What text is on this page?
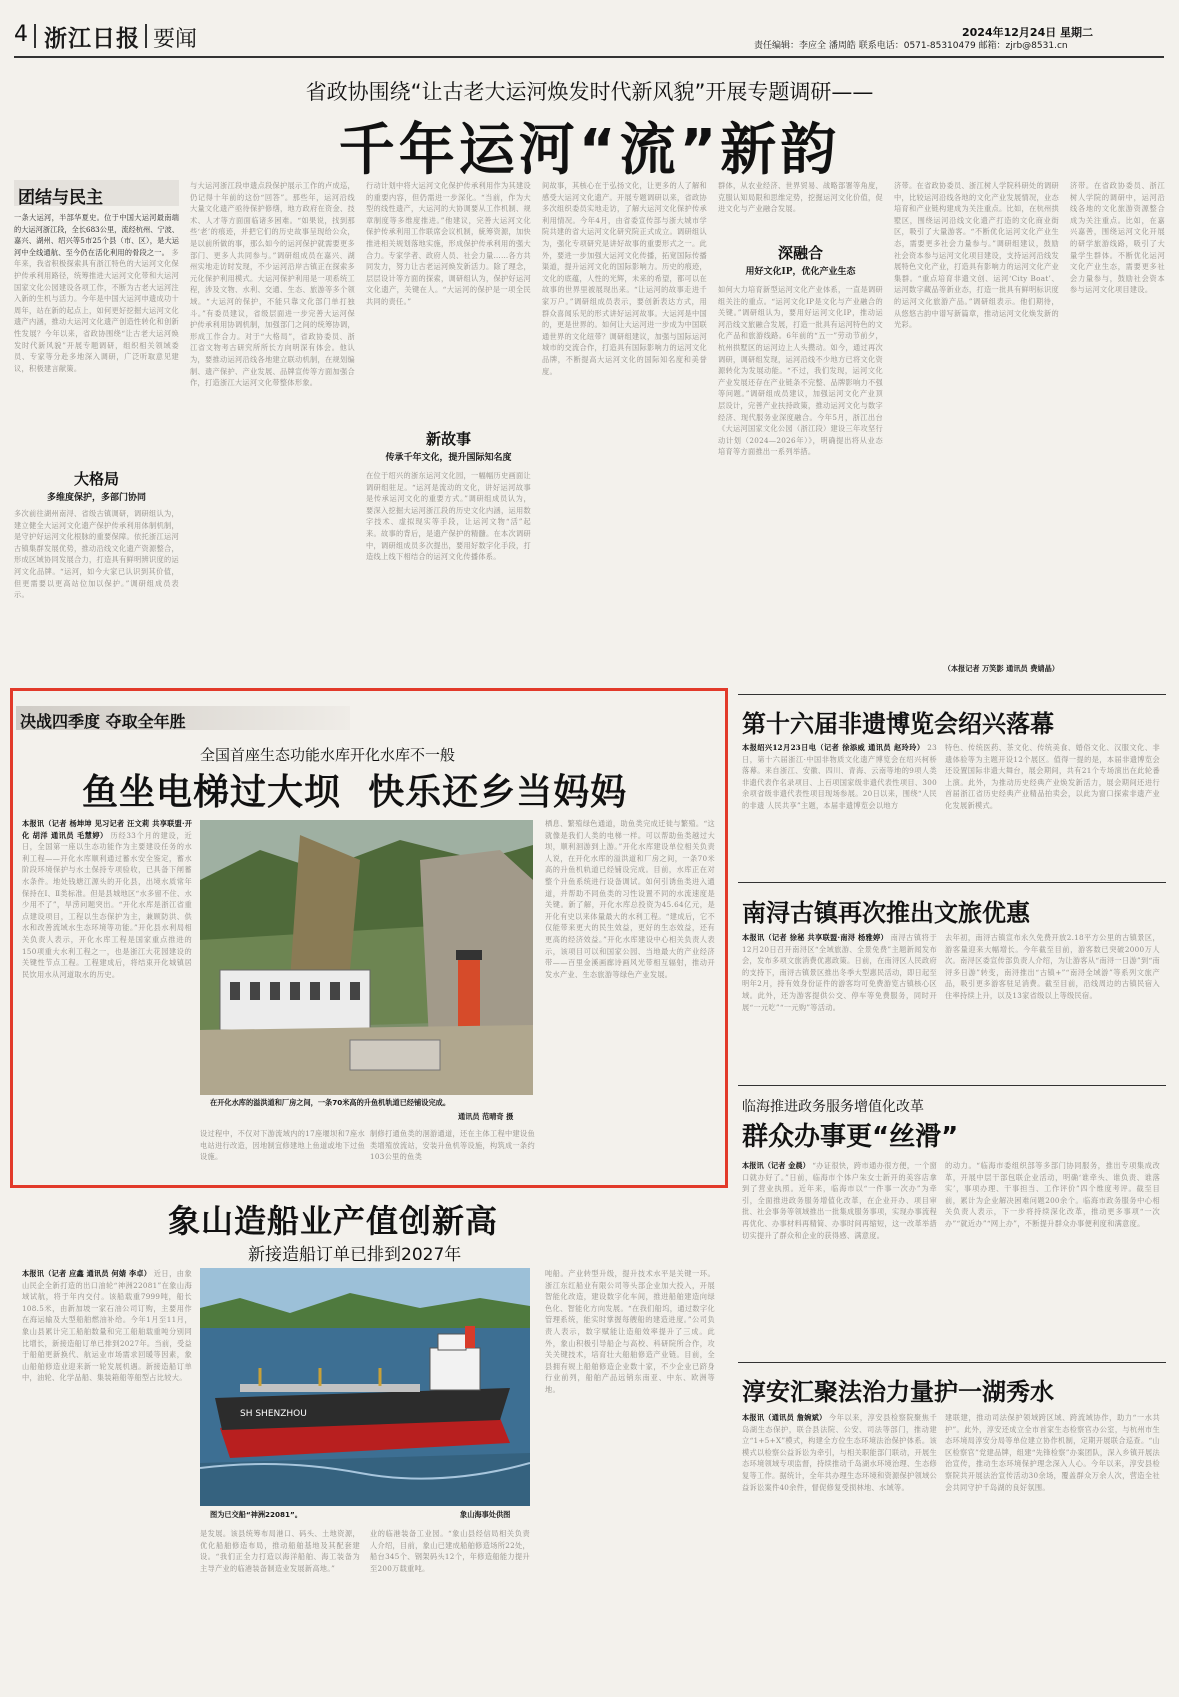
4 浙江日报 要闻	2024年12月24日 星期二
责任编辑：李应全 潘周皓 联系电话：0571-85310479 邮箱：zjrb@8531.cn
省政协围绕“让古老大运河焕发时代新风貌”开展专题调研——
千年运河“流”新韵
团结与民主
一条大运河，半部华夏史。位于中国大运河最南端的大运河浙江段，全长683公里，流经杭州、宁波、嘉兴、湖州、绍兴等5市25个县（市、区），是大运河中全线通航、至今仍在活化利用的骨段之一。 多年来，我省积极探索具有浙江特色的大运河文化保护传承利用路径，统筹推进大运河文化带和大运河国家文化公园建设各项工作，不断为古老大运河注入新的生机与活力。今年是中国大运河申遗成功十周年，站在新的起点上，如何更好挖掘大运河文化遗产内涵，推动大运河文化遗产创造性转化和创新性发展？今年以来，省政协围绕“让古老大运河焕发时代新风貌”开展专题调研，组织相关领域委员、专家等分赴多地深入调研，广泛听取意见建议，积极建言献策。
大格局
多维度保护，多部门协同
多次前往湖州南浔、省级古镇调研，调研组认为，建立健全大运河文化遗产保护传承利用体制机制，是守护好运河文化根脉的重要保障。依托浙江运河古镇集群发展优势，推动沿线文化遗产资源整合，形成区域协同发展合力，打造具有鲜明辨识度的运河文化品牌。“运河，如今大家已认识到其价值，但更需要以更高站位加以保护。”调研组成员表示。
与大运河浙江段申遗点段保护展示工作的卢成巡，仍记得十年前的这份“回答”。那些年，运河沿线大量文化遗产亟待保护修缮，地方政府在资金、技术、人才等方面面临诸多困难。“如果说，找到那些‘老’的痕迹，并把它们的历史故事呈现给公众，是以前所做的事，那么如今的运河保护就需要更多部门、更多人共同参与。”调研组成员在嘉兴、湖州实地走访时发现，不少运河沿岸古镇正在探索多元化保护利用模式。大运河保护利用是一项系统工程，涉及文物、水利、交通、生态、旅游等多个领域。“大运河的保护，不能只靠文化部门单打独斗。”有委员建议，省级层面进一步完善大运河保护传承利用协调机制，加强部门之间的统筹协调，形成工作合力。对于“大格局”，省政协委员、浙江省文物考古研究所所长方向明深有体会。他认为，要推动运河沿线各地建立联动机制，在规划编制、遗产保护、产业发展、品牌宣传等方面加强合作，打造浙江大运河文化带整体形象。
行动计划中将大运河文化保护传承利用作为其建设的重要内容，但仍需进一步深化。“当前，作为大型的线性遗产，大运河的大协调要从工作机制、规章制度等多维度推进。”他建议，完善大运河文化保护传承利用工作联席会议机制，統筹资源，加快推进相关规划落地实施，形成保护传承利用的强大合力。专家学者、政府人员、社会力量……各方共同发力，努力让古老运河焕发新活力。除了理念，层层设计等方面的探索，调研组认为，保护好运河文化遗产，关键在人。“大运河的保护是一项全民共同的责任。”
新故事
传承千年文化，提升国际知名度
在位于绍兴的浙东运河文化园，一幅幅历史画面让调研组驻足。“运河是流动的文化，讲好运河故事是传承运河文化的重要方式。”调研组成员认为，要深入挖掘大运河浙江段的历史文化内涵，运用数字技术、虚拟现实等手段，让运河文物“活”起来。故事的背后，是遗产保护的精髓。在本次调研中，调研组成员多次提出，要用好数字化手段，打造线上线下相结合的运河文化传播体系。
间故事，其核心在于弘扬文化，让更多的人了解和感受大运河文化遗产。开展专题调研以来，省政协多次组织委员实地走访，了解大运河文化保护传承利用情况。今年4月，由省委宣传部与浙大城市学院共建的省大运河文化研究院正式成立。调研组认为，强化专项研究是讲好故事的重要形式之一。此外，要进一步加强大运河文化传播，拓宽国际传播渠道，提升运河文化的国际影响力。历史的痕迹，文化的底蕴，人性的光辉，未来的希望，都可以在故事的世界里被展现出来。“让运河的故事走进千家万户。”调研组成员表示，要创新表达方式，用群众喜闻乐见的形式讲好运河故事。大运河是中国的，更是世界的。如何让大运河进一步成为中国联通世界的文化纽带？调研组建议，加强与国际运河城市的交流合作，打造具有国际影响力的运河文化品牌，不断提高大运河文化的国际知名度和美誉度。
群体，从农业经济、世界贸易、战略部署等角度，克服认知局限和思维定势，挖掘运河文化价值，促进文化与产业融合发展。
深融合
用好文化IP，优化产业生态
如何大力培育新型运河文化产业体系，一直是调研组关注的重点。“运河文化IP是文化与产业融合的关键。”调研组认为，要用好运河文化IP，推动运河沿线文旅融合发展，打造一批具有运河特色的文化产品和旅游线路。6年前的“五一”劳动节前夕，杭州拱墅区的运河边上人头攒动。如今，通过再次调研，调研组发现，运河沿线不少地方已将文化资源转化为发展动能。“不过，我们发现，运河文化产业发展还存在产业链条不完整、品牌影响力不强等问题。”调研组成员建议，加强运河文化产业顶层设计，完善产业扶持政策，推动运河文化与数字经济、现代服务业深度融合。今年5月，浙江出台《大运河国家文化公园（浙江段）建设三年攻坚行动计划（2024—2026年）》，明确提出将从业态培育等方面推出一系列举措。
济带。在省政协委员、浙江树人学院科研处的调研中，比较运河沿线各地的文化产业发展情况，业态培育和产业链构建成为关注重点。比如，在杭州拱墅区，围绕运河沿线文化遗产打造的文化商业街区，吸引了大量游客。“不断优化运河文化产业生态，需要更多社会力量参与。”调研组建议，鼓励社会资本参与运河文化项目建设，支持运河沿线发展特色文化产业，打造具有影响力的运河文化产业集群。“重点培育非遗文创、运河‘City Boat’、运河数字藏品等新业态，打造一批具有鲜明标识度的运河文化旅游产品。”调研组表示。他们期待，从悠悠古韵中谱写新篇章，推动运河文化焕发新的光彩。
（本报记者 万笑影 通讯员 费婧晶）
济带。在省政协委员、浙江树人学院的调研中，运河沿线各地的文化旅游资源整合成为关注重点。比如，在嘉兴嘉善，围绕运河文化开展的研学旅游线路，吸引了大量学生群体。不断优化运河文化产业生态，需要更多社会力量参与，鼓励社会资本参与运河文化项目建设。
决战四季度 夺取全年胜
全国首座生态功能水库开化水库不一般
鱼坐电梯过大坝  快乐还乡当妈妈
本报讯（记者 杨坤坤 见习记者 汪文莉 共享联盟·开化 胡洋 通讯员 毛慧婷） 历经33个月的建设，近日，全国第一座以生态功能作为主要建设任务的水利工程——开化水库顺利通过蓄水安全鉴定，蓄水阶段环境保护与水土保持专项验收，已具备下闸蓄水条件。地处钱塘江源头的开化县，出境水质常年保持在Ⅰ、Ⅱ类标准。但是县城地区“水多留不住、水少用不了”，旱涝问题突出。“开化水库是浙江省重点建设项目，工程以生态保护为主，兼顾防洪、供水和改善流域水生态环境等功能。”开化县水利局相关负责人表示，开化水库工程是国家重点推进的150项重大水利工程之一，也是浙江大花园建设的关键性节点工程。工程建成后，将结束开化城镇居民饮用水从河道取水的历史。
在开化水库的溢洪道和厂房之间，一条70米高的升鱼机轨道已经铺设完成。
通讯员 范晴奇 摄
设过程中，不仅对下游流域内的17座堰坝和7座水电站进行改造，因地制宜修建地上鱼道或地下过鱼设施。
制修打通鱼类的洄游通道，还在主体工程中建设鱼类增殖放流站，安装升鱼机等设施，构筑成一条约103公里的鱼类
栖息、繁殖绿色通道，助鱼类完成迁徙与繁殖。“这就像是我们人类的电梯一样。可以帮助鱼类越过大坝，顺利洄游到上游。”开化水库建设单位相关负责人说，在开化水库的溢洪道和厂房之间，一条70米高的升鱼机轨道已经铺设完成。目前，水库正在对整个升鱼系统进行设备调试。如何引诱鱼类进入通道，并帮助不同鱼类的习性设置不同的水流速度是关键。新了解，开化水库总投资为45.64亿元，是开化有史以来体量最大的水利工程。“建成后，它不仅能带来更大的民生效益，更好的生态效益，还有更高的经济效益。”开化水库建设中心相关负责人表示，该项目可以和国家公园、当地最大的产业经济带——百里金溪画廊诗画风光带相互辐射，推动开发水产业、生态旅游等绿色产业发展。
第十六届非遗博览会绍兴落幕
本报绍兴12月23日电（记者 徐添威 通讯员 赵玲玲） 23日，第十六届浙江·中国非物质文化遗产博览会在绍兴柯桥落幕。来自浙江、安徽、四川、青海、云南等地的9项人类非遗代表作名录项目、上百项国家级非遗代表性项目、300余项省级非遗代表性项目现场参展。20日以来，围绕“人民的非遗 人民共享”主题，本届非遗博览会以地方
特色、传统医药、茶文化、传统美食、婚俗文化、汉服文化、非遗体验等为主题开设12个展区。值得一提的是，本届非遗博览会还设置国际非遗大舞台，展会期间，共有21个专场演出在此轮番上演。此外，为推动历史经典产业焕发新活力，展会期间还进行首届浙江省历史经典产业精品拍卖会，以此为窗口探索非遗产业化发展新模式。
南浔古镇再次推出文旅优惠
本报讯（记者 徐秘 共享联盟·南浔 杨雅婷） 南浔古镇将于12月20日召开南浔区“全域旅游、全景免费”主题新闻发布会，发布多项文旅消费优惠政策。日前，在南浔区人民政府的支持下，南浔古镇景区推出冬季大型惠民活动，即日起至明年2月，持有效身份证件的游客均可免费游览古镇核心区域。此外，还为游客提供公交、停车等免费服务，同时开展“一元吃”“一元购”等活动。
去年初，南浔古镇宣布永久免费开放2.18平方公里的古镇景区，游客量迎来大幅增长。今年截至目前，游客数已突破2000万人次。南浔区委宣传部负责人介绍，为让游客从“南浔一日游”到“南浔多日游”转变，南浔推出“古镇+”“南浔全域游”等系列文旅产品，吸引更多游客驻足消费。截至目前，沿线周边的古镇民宿入住率持续上升，以及13家省级以上等级民宿。
临海推进政务服务增值化改革
群众办事更“丝滑”
本报讯（记者 金晨） “办证很快，跨市通办很方便，一个窗口就办好了。”日前，临海市个体户朱女士新开的美容店拿到了营业执照。近年来，临海市以“一件事一次办”为牵引，全面推进政务服务增值化改革，在企业开办、项目审批、社会事务等领域推出一批集成服务事项，实现办事流程再优化、办事材料再精简、办事时间再缩短，这一改革举措切实提升了群众和企业的获得感、满意度。
的动力。“临海市委组织部等多部门协同服务，推出专项集成改革，开展中层干部包联企业活动，明确‘谁牵头、谁负责、谁落实’，事项办理、干事担当、工作评价”四个维度考评。截至目前，累计为企业解决困难问题200余个。临海市政务服务中心相关负责人表示，下一步将持续深化改革，推动更多事项“一次办”“就近办”“网上办”，不断提升群众办事便利度和满意度。
淳安汇聚法治力量护一湖秀水
本报讯（通讯员 詹婉斌） 今年以来，淳安县检察院聚焦千岛湖生态保护，联合县法院、公安、司法等部门，推动建立“1+5+X”模式，构建全方位生态环境法治保护体系。该模式以检察公益诉讼为牵引，与相关职能部门联动，开展生态环境领域专项监督，持续推动千岛湖水环境治理、生态修复等工作。据统计，全年共办理生态环境和资源保护领域公益诉讼案件40余件，督促修复受损林地、水域等。
建联建，推动司法保护领域跨区域、跨流域协作，助力“一水共护”。此外，淳安还成立全市首家生态检察官办公室，与杭州市生态环境局淳安分局等单位建立协作机制，定期开展联合巡查。“山区检察官”党建品牌，组建“先锋检察”办案团队，深入乡镇开展法治宣传，推动生态环境保护理念深入人心。今年以来，淳安县检察院共开展法治宣传活动30余场，覆盖群众万余人次，营造全社会共同守护千岛湖的良好氛围。
象山造船业产值创新高
新接造船订单已排到2027年
本报讯（记者 应鑫 通讯员 何婧 李卓） 近日，由象山民企全新打造的出口油轮“神洲22081”在象山海域试航，将于年内交付。该船载重7999吨，船长108.5米，由新加坡一家石油公司订购，主要用作在海运输及大型船舶燃油补给。今年1月至11月，象山县累计完工船舶数量和完工船舶载重吨分别同比增长，新接造船订单已排到2027年。当前，受益于船舶更新换代、航运业市场需求回暖等因素，象山船舶修造业迎来新一轮发展机遇。新接造船订单中，油轮、化学品船、集装箱船等船型占比较大。
SH SHENZHOU
图为已交船“神洲22081”。	象山海事处供图
是发展。该县统筹布局港口、码头、土地资源，优化船舶修造布局，推动船舶基地及其配套建设。“我们正全力打造以海洋船舶、海工装备为主导产业的临港装备制造业发展新高地。”
业的临港装备工业园。“象山县经信局相关负责人介绍，目前，象山已建成船舶修造场所22处，船台345个、钢架码头12个，年修造船能力提升至200万载重吨。
吨船。产业转型升级，提升技术水平是关键一环。浙江东红船业有限公司等头部企业加大投入，开展智能化改造，建设数字化车间，推进船舶建造向绿色化、智能化方向发展。“在我们船坞，通过数字化管理系统，能实时掌握每艘船的建造进度。”公司负责人表示，数字赋能让造船效率提升了三成。此外，象山积极引导船企与高校、科研院所合作，攻关关键技术，培育壮大船舶修造产业链。目前，全县拥有规上船舶修造企业数十家，不少企业已跻身行业前列，船舶产品远销东南亚、中东、欧洲等地。
